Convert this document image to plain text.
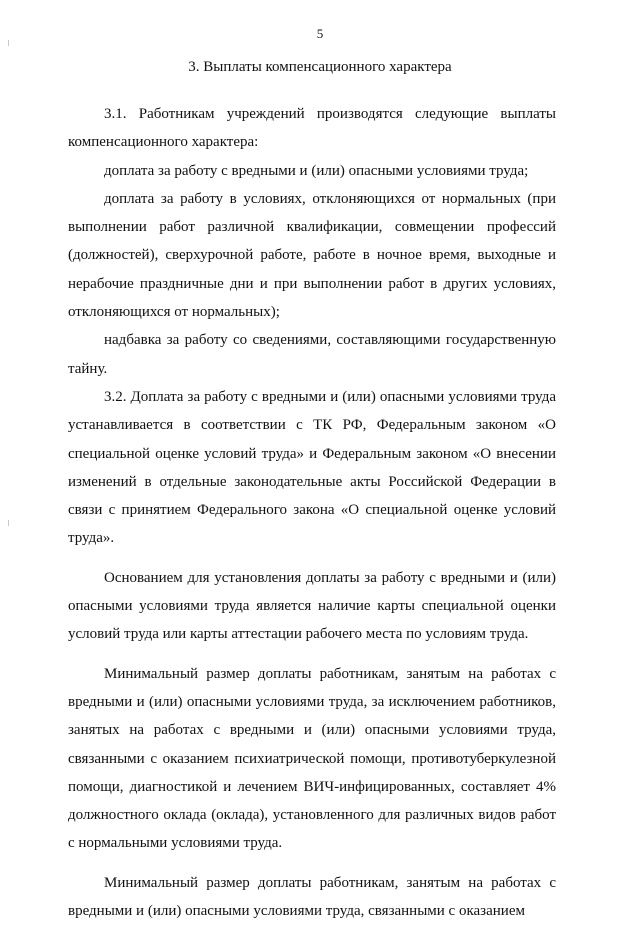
5
3. Выплаты компенсационного характера

3.1. Работникам учреждений производятся следующие выплаты компенсационного характера:

доплата за работу с вредными и (или) опасными условиями труда;

доплата за работу в условиях, отклоняющихся от нормальных (при выполнении работ различной квалификации, совмещении профессий (должностей), сверхурочной работе, работе в ночное время, выходные и нерабочие праздничные дни и при выполнении работ в других условиях, отклоняющихся от нормальных);

надбавка за работу со сведениями, составляющими государственную тайну.

3.2. Доплата за работу с вредными и (или) опасными условиями труда устанавливается в соответствии с ТК РФ, Федеральным законом «О специальной оценке условий труда» и Федеральным законом «О внесении изменений в отдельные законодательные акты Российской Федерации в связи с принятием Федерального закона «О специальной оценке условий труда».

Основанием для установления доплаты за работу с вредными и (или) опасными условиями труда является наличие карты специальной оценки условий труда или карты аттестации рабочего места по условиям труда.

Минимальный размер доплаты работникам, занятым на работах с вредными и (или) опасными условиями труда, за исключением работников, занятых на работах с вредными и (или) опасными условиями труда, связанными с оказанием психиатрической помощи, противотуберкулезной помощи, диагностикой и лечением ВИЧ-инфицированных, составляет 4% должностного оклада (оклада), установленного для различных видов работ с нормальными условиями труда.

Минимальный размер доплаты работникам, занятым на работах с вредными и (или) опасными условиями труда, связанными с оказанием
